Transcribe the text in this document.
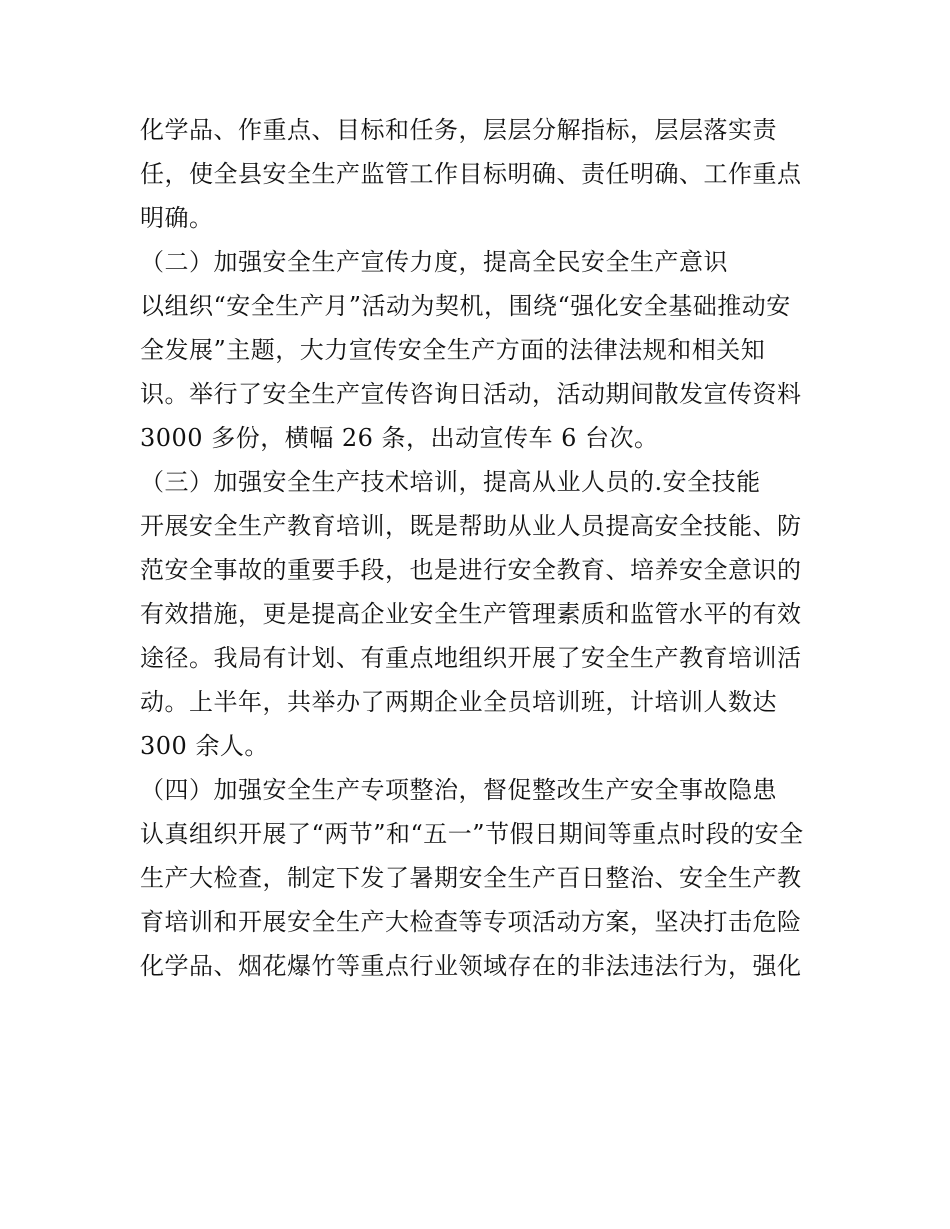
化学品、作重点、目标和任务，层层分解指标，层层落实责
任，使全县安全生产监管工作目标明确、责任明确、工作重点
明确。
（二）加强安全生产宣传力度，提高全民安全生产意识
以组织“安全生产月”活动为契机，围绕“强化安全基础推动安
全发展”主题，大力宣传安全生产方面的法律法规和相关知
识。举行了安全生产宣传咨询日活动，活动期间散发宣传资料
3000 多份，横幅 26 条，出动宣传车 6 台次。
（三）加强安全生产技术培训，提高从业人员的.安全技能
开展安全生产教育培训，既是帮助从业人员提高安全技能、防
范安全事故的重要手段，也是进行安全教育、培养安全意识的
有效措施，更是提高企业安全生产管理素质和监管水平的有效
途径。我局有计划、有重点地组织开展了安全生产教育培训活
动。上半年，共举办了两期企业全员培训班，计培训人数达
300 余人。
（四）加强安全生产专项整治，督促整改生产安全事故隐患
认真组织开展了“两节”和“五一”节假日期间等重点时段的安全
生产大检查，制定下发了暑期安全生产百日整治、安全生产教
育培训和开展安全生产大检查等专项活动方案，坚决打击危险
化学品、烟花爆竹等重点行业领域存在的非法违法行为，强化
